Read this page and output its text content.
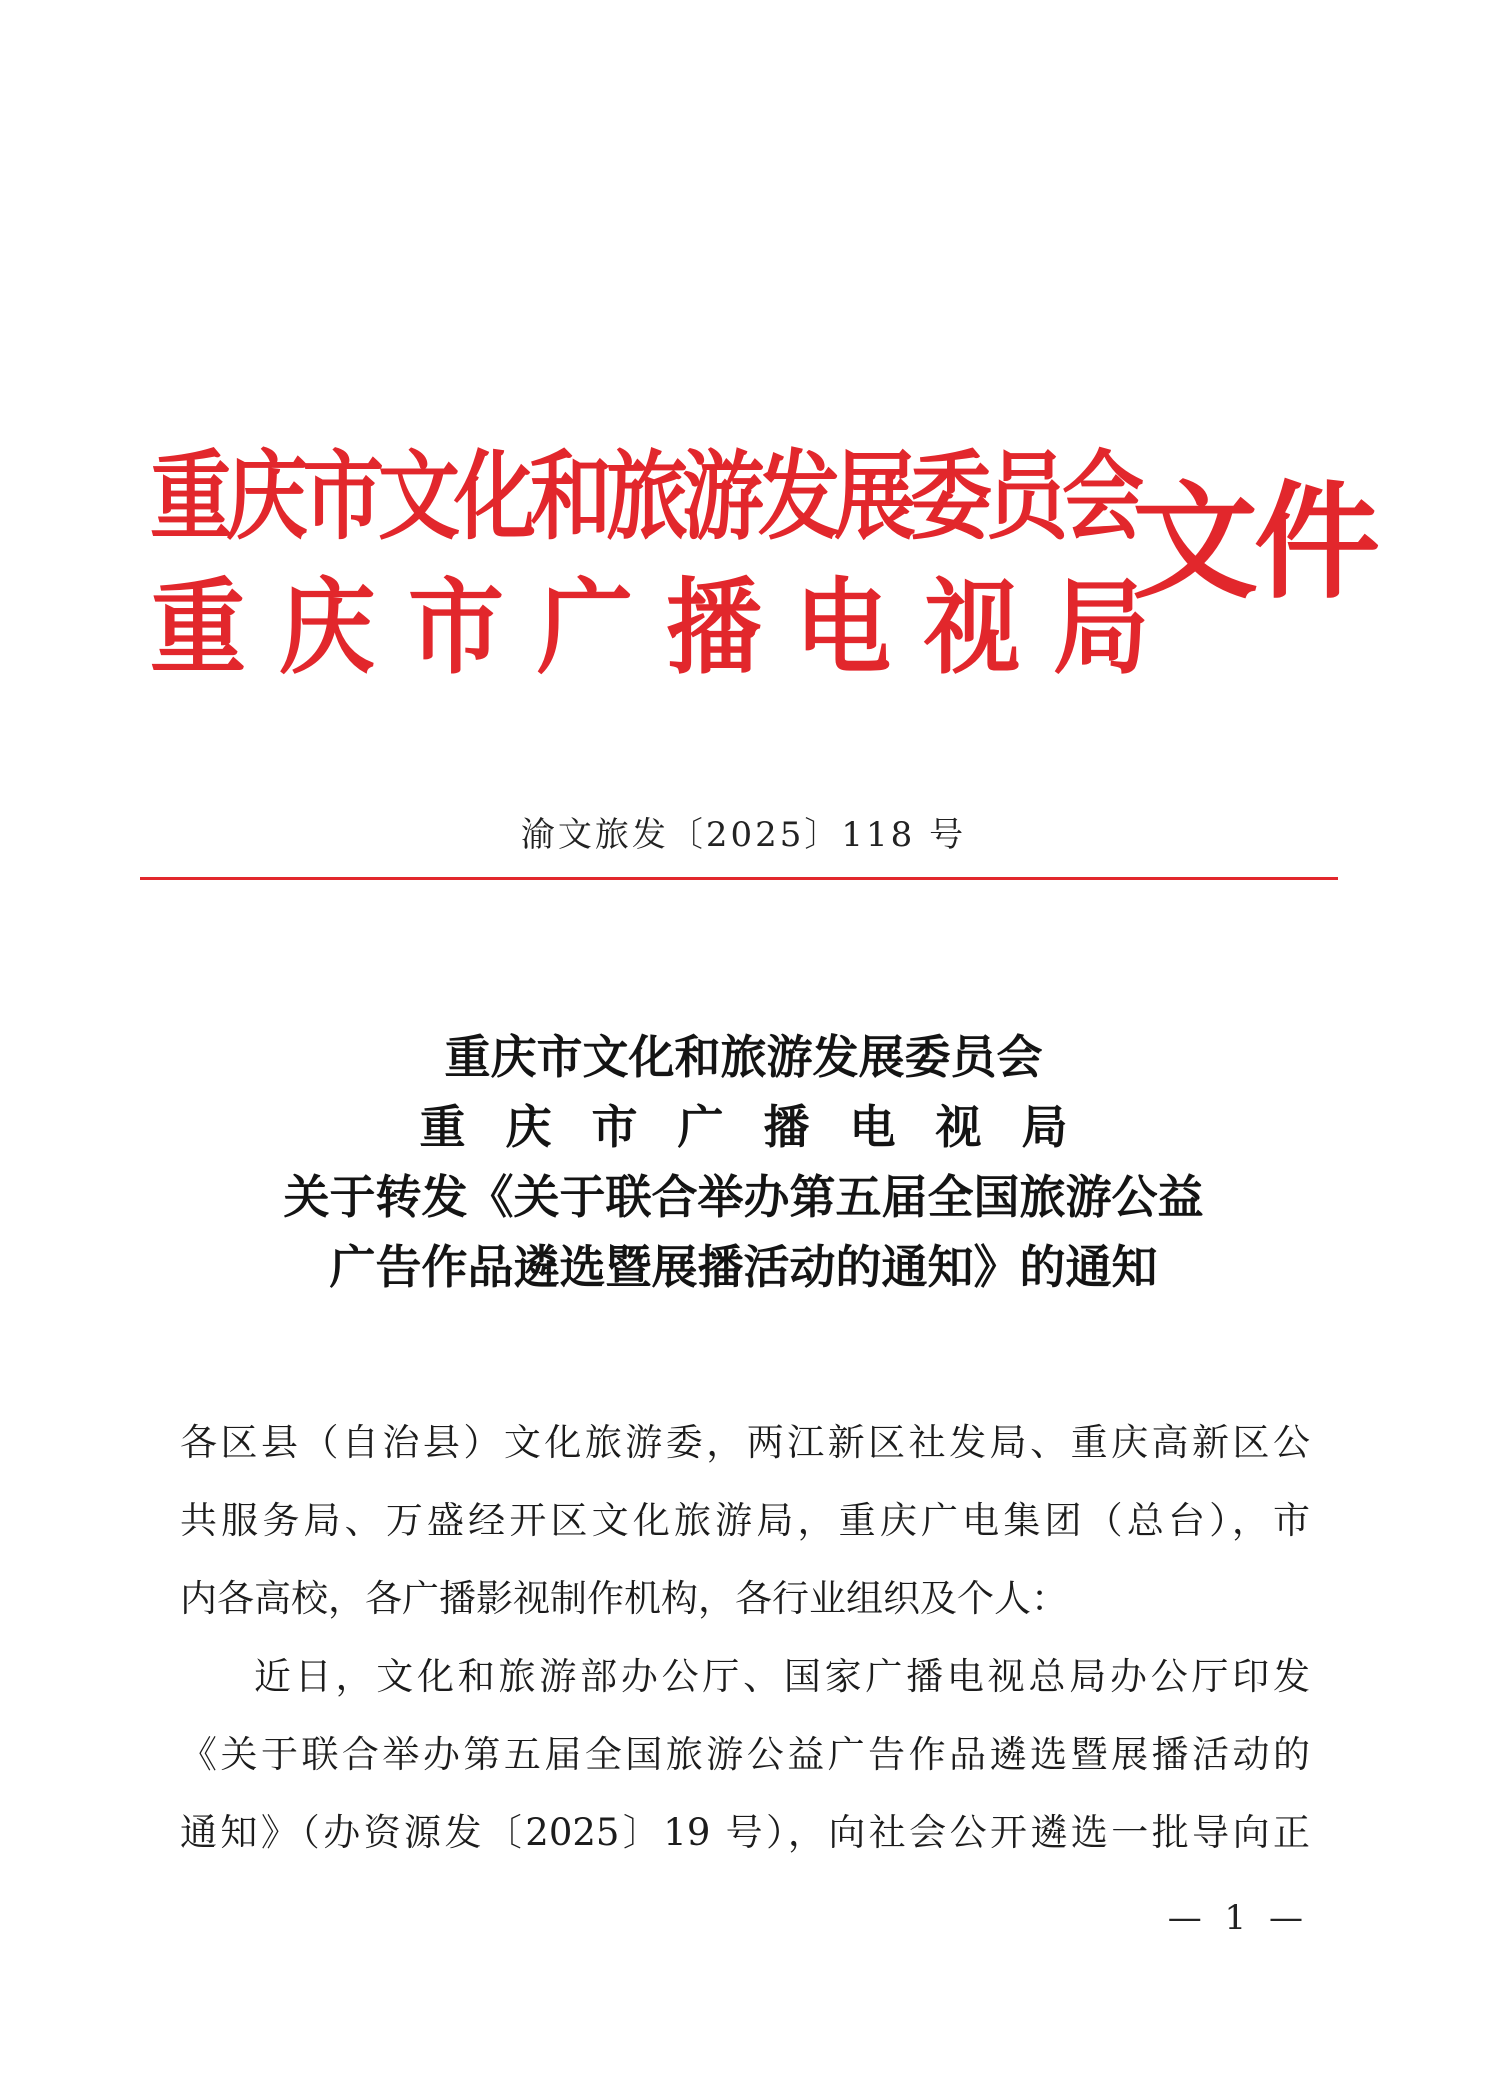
重庆市文化和旅游发展委员会
重庆市广播电视局
文件
渝文旅发〔2025〕118 号
重庆市文化和旅游发展委员会
重庆市广播电视局
关于转发《关于联合举办第五届全国旅游公益
广告作品遴选暨展播活动的通知》的通知
各区县（自治县）文化旅游委，两江新区社发局、重庆高新区公
共服务局、万盛经开区文化旅游局，重庆广电集团（总台），市
内各高校，各广播影视制作机构，各行业组织及个人：
近日，文化和旅游部办公厅、国家广播电视总局办公厅印发
《关于联合举办第五届全国旅游公益广告作品遴选暨展播活动的
通知》（办资源发〔2025〕19 号），向社会公开遴选一批导向正
— 1 —
